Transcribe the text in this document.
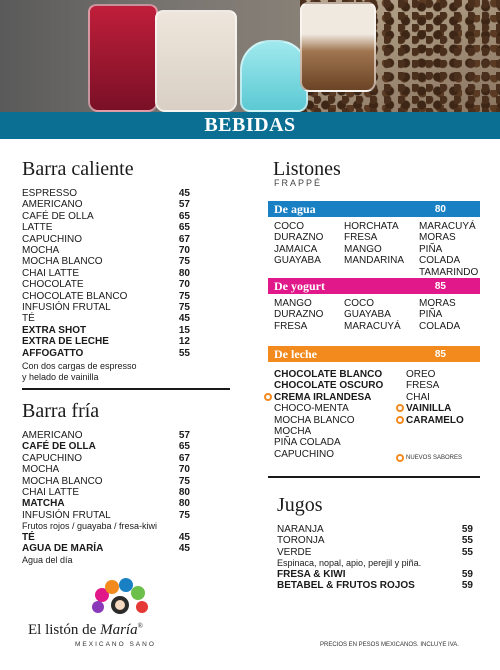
BEBIDAS
Barra caliente
ESPRESSO	45
AMERICANO	57
CAFÉ DE OLLA	65
LATTE	65
CAPUCHINO	67
MOCHA	70
MOCHA BLANCO	75
CHAI LATTE	80
CHOCOLATE	70
CHOCOLATE BLANCO	75
INFUSIÓN FRUTAL	75
TÉ	45
EXTRA SHOT	15
EXTRA DE LECHE	12
AFFOGATTO	55
Con dos cargas de espresso
y helado de vainilla
Barra fría
AMERICANO	57
CAFÉ DE OLLA	65
CAPUCHINO	67
MOCHA	70
MOCHA BLANCO	75
CHAI LATTE	80
MATCHA	80
INFUSIÓN FRUTAL	75
Frutos rojos / guayaba / fresa-kiwi
TÉ	45
AGUA DE MARÍA	45
Agua del día
Listones
FRAPPÉ
De agua	80
COCO
DURAZNO
JAMAICA
GUAYABA
HORCHATA
FRESA
MANGO
MANDARINA
MARACUYÁ
MORAS
PIÑA COLADA
TAMARINDO
De yogurt	85
MANGO
DURAZNO
FRESA
COCO
GUAYABA
MARACUYÁ
MORAS
PIÑA COLADA
De leche	85
CHOCOLATE BLANCO
CHOCOLATE OSCURO
CREMA IRLANDESA
CHOCO-MENTA
MOCHA BLANCO
MOCHA
PIÑA COLADA
CAPUCHINO
OREO
FRESA
CHAI
VAINILLA
CARAMELO
NUEVOS SABORES
Jugos
NARANJA	59
TORONJA	55
VERDE	55
Espinaca, nopal, apio, perejil y piña.
FRESA & KIWI	59
BETABEL & FRUTOS ROJOS	59
El listón de María®
MEXICANO SANO	PRECIOS EN PESOS MEXICANOS. INCLUYE IVA.
